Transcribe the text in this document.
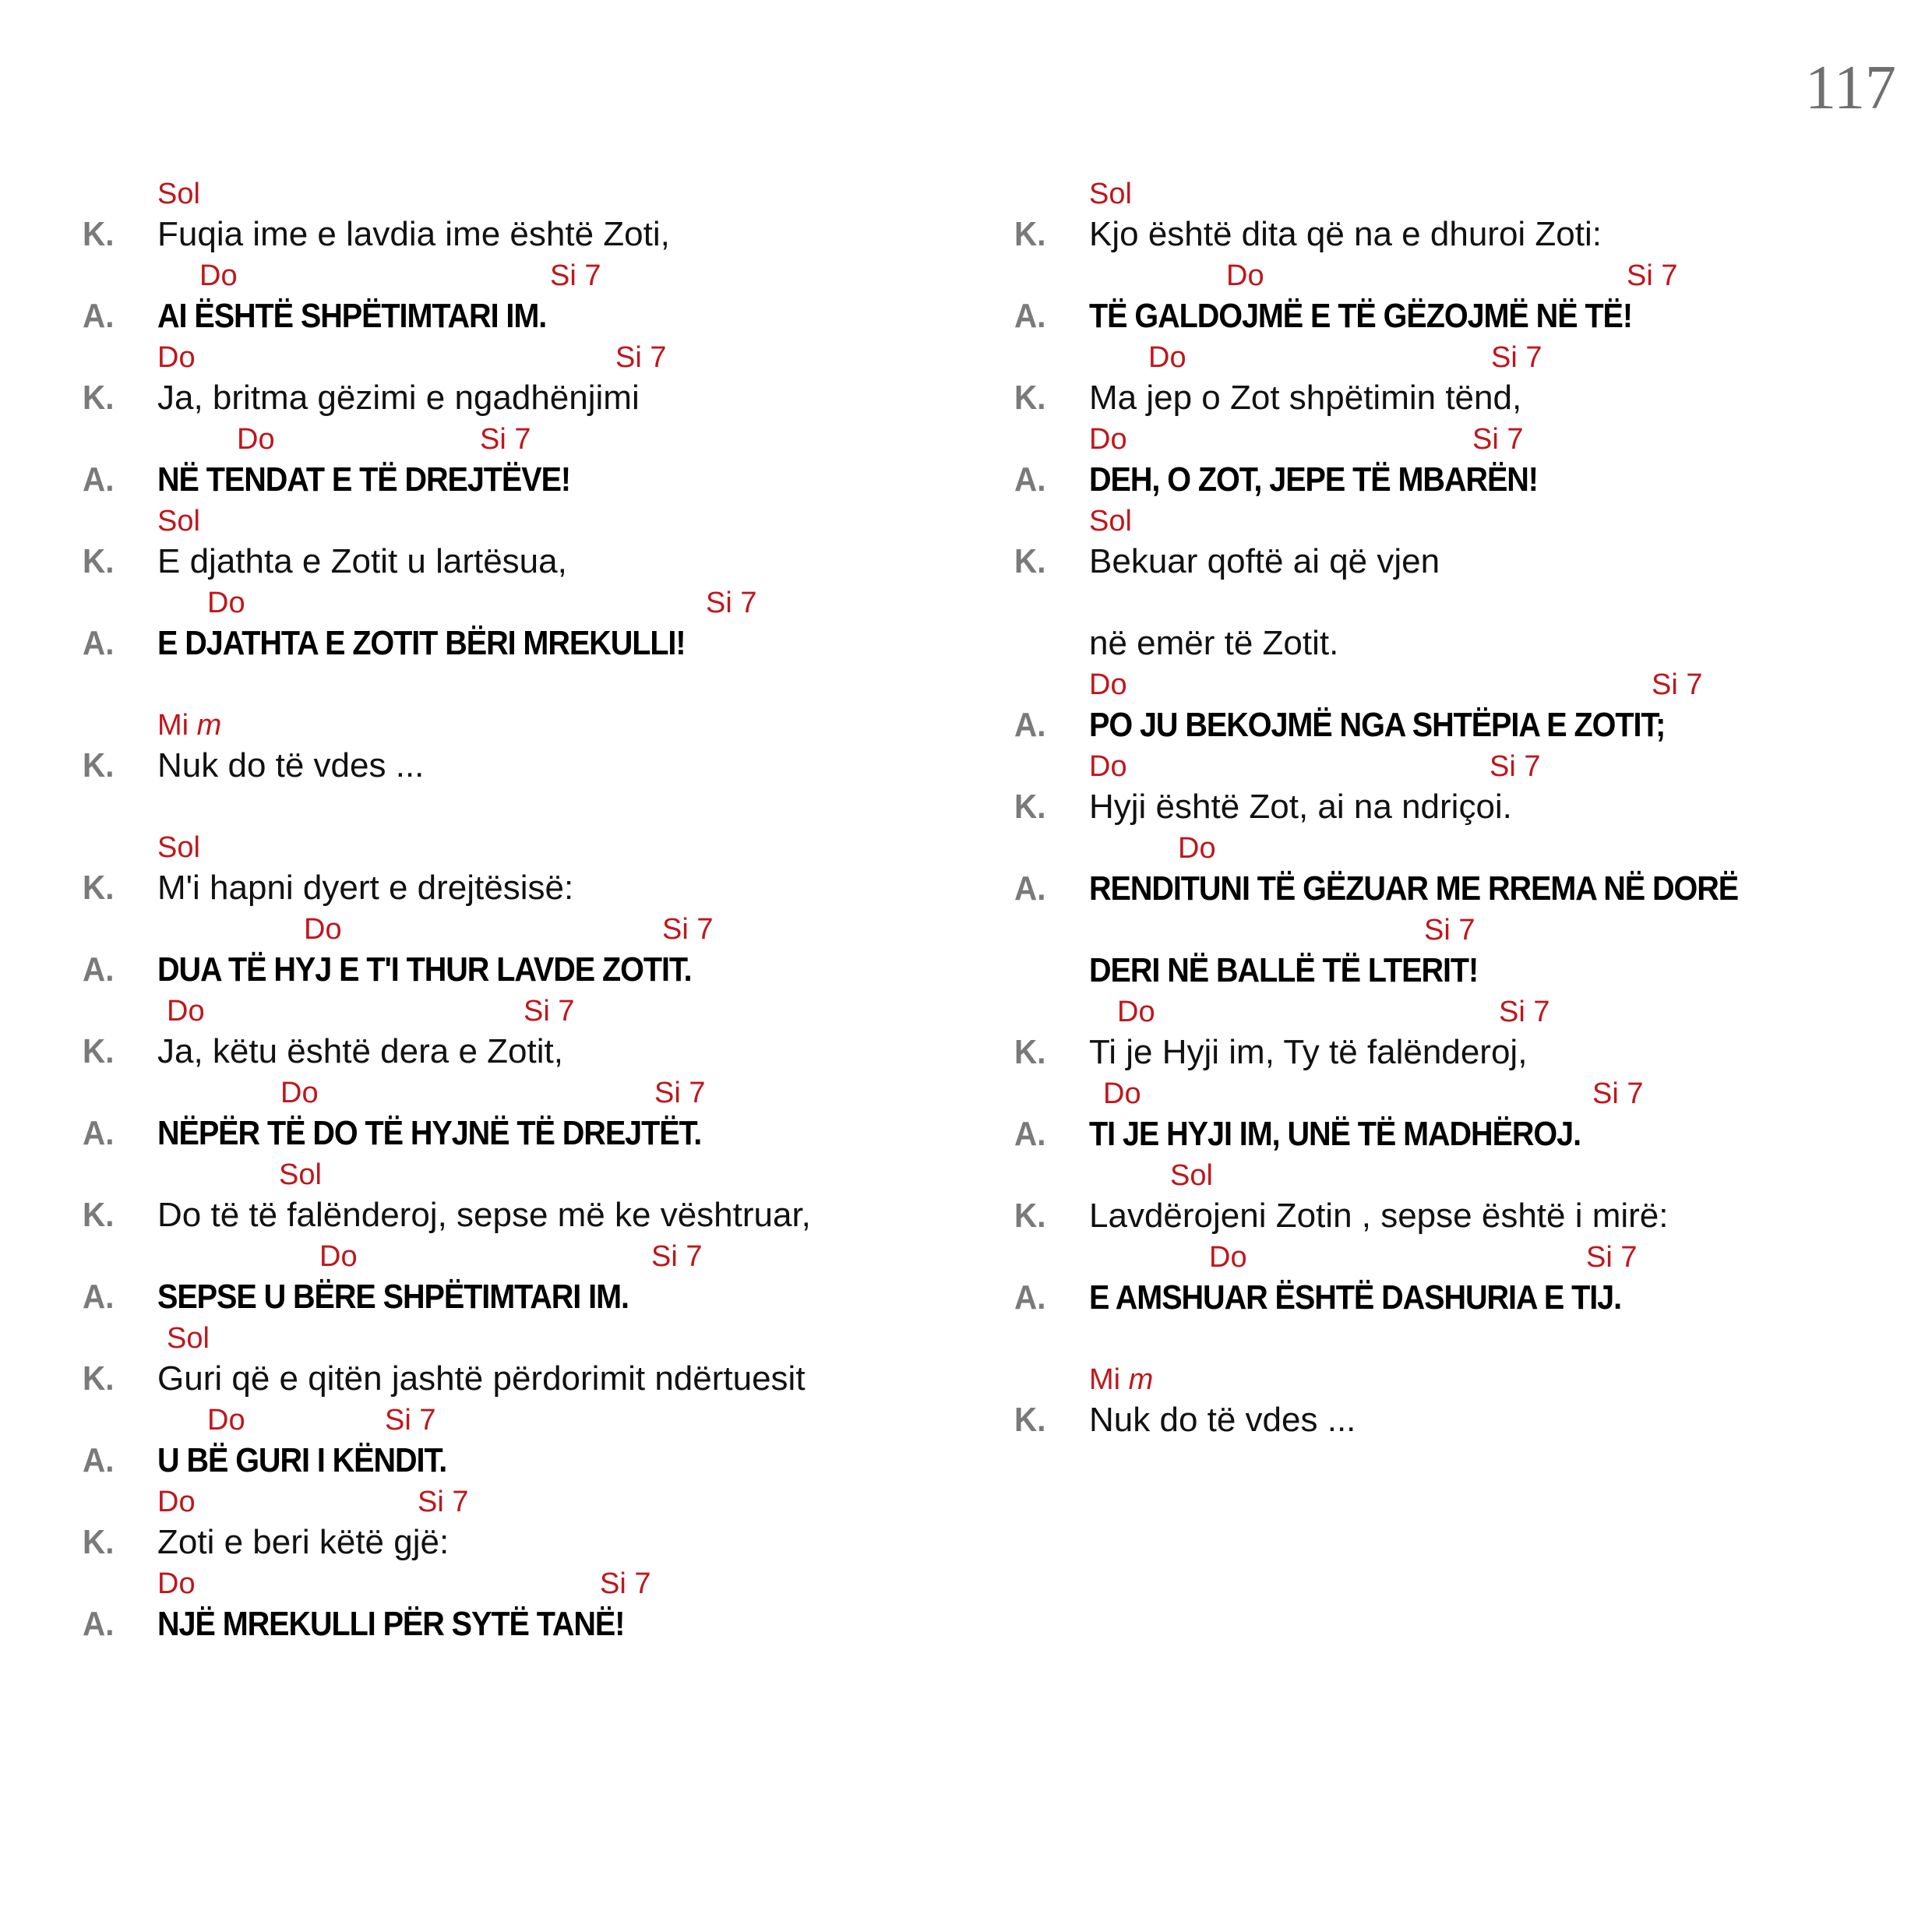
117
Sol
K. Fuqia ime e lavdia ime është Zoti,
Do	Si 7
A. AI ËSHTË SHPËTIMTARI IM.
Do	Si 7
K. Ja, britma gëzimi e ngadhënjimi
Do	Si 7
A. NË TENDAT E TË DREJTËVE!
Sol
K. E djathta e Zotit u lartësua,
Do	Si 7
A. E DJATHTA E ZOTIT BËRI MREKULLI!
Mi m
K. Nuk do të vdes ...
Sol
K. M'i hapni dyert e drejtësisë:
Do	Si 7
A. DUA TË HYJ E T'I THUR LAVDE ZOTIT.
Do	Si 7
K. Ja, këtu është dera e Zotit,
Do	Si 7
A. NËPËR TË DO TË HYJNË TË DREJTËT.
Sol
K. Do të të falënderoj, sepse më ke vështruar,
Do	Si 7
A. SEPSE U BËRE SHPËTIMTARI IM.
Sol
K. Guri që e qitën jashtë përdorimit ndërtuesit
Do	Si 7
A. U BË GURI I KËNDIT.
Do	Si 7
K. Zoti e beri këtë gjë:
Do	Si 7
A. NJË MREKULLI PËR SYTË TANË!
Sol
K. Kjo është dita që na e dhuroi Zoti:
Do	Si 7
A. TË GALDOJMË E TË GËZOJMË NË TË!
Do	Si 7
K. Ma jep o Zot shpëtimin tënd,
Do	Si 7
A. DEH, O ZOT, JEPE TË MBARËN!
Sol
K. Bekuar qoftë ai që vjen
në emër të Zotit.
Do	Si 7
A. PO JU BEKOJMË NGA SHTËPIA E ZOTIT;
Do	Si 7
K. Hyji është Zot, ai na ndriçoi.
Do
A. RENDITUNI TË GËZUAR ME RREMA NË DORË
Si 7
DERI NË BALLË TË LTERIT!
Do	Si 7
K. Ti je Hyji im, Ty të falënderoj,
Do	Si 7
A. TI JE HYJI IM, UNË TË MADHËROJ.
Sol
K. Lavdërojeni Zotin , sepse është i mirë:
Do	Si 7
A. E AMSHUAR ËSHTË DASHURIA E TIJ.
Mi m
K. Nuk do të vdes ...
